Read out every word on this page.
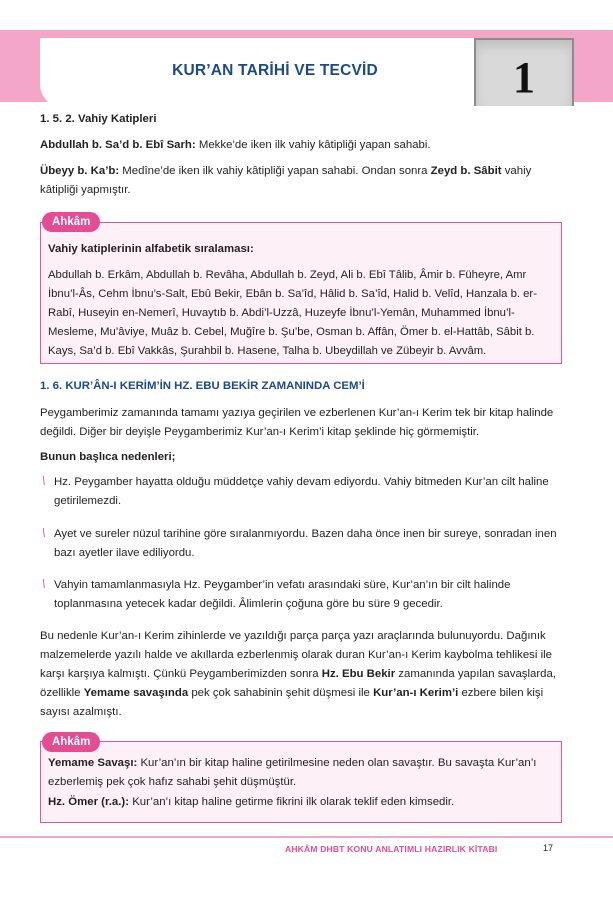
KUR’AN TARİHİ VE TECVİD	1
1. 5. 2. Vahiy Katipleri

Abdullah b. Sa’d b. Ebî Sarh: Mekke’de iken ilk vahiy kâtipliği yapan sahabi.

Übeyy b. Ka’b: Medîne’de iken ilk vahiy kâtipliği yapan sahabi. Ondan sonra Zeyd b. Sâbit vahiy kâtipliği yapmıştır.

Ahkâm
Vahiy katiplerinin alfabetik sıralaması:

Abdullah b. Erkâm, Abdullah b. Revâha, Abdullah b. Zeyd, Ali b. Ebî Tâlib, Âmir b. Füheyre, Amr İbnu’l-Âs, Cehm İbnu’s-Salt, Ebû Bekir, Ebân b. Sa’îd, Hâlid b. Sa’îd, Halid b. Velîd, Hanzala b. er- Rabî, Huseyin en-Nemerî, Huvaytıb b. Abdi’l-Uzzâ, Huzeyfe İbnu’l-Yemân, Muhammed İbnu’l-Mesleme, Mu’âviye, Muâz b. Cebel, Muğîre b. Şu’be, Osman b. Affân, Ömer b. el-Hattâb, Sâbit b. Kays, Sa’d b. Ebî Vakkâs, Şurahbil b. Hasene, Talha b. Ubeydillah ve Zübeyir b. Avvâm.

1. 6. KUR’ÂN-I KERİM’İN HZ. EBU BEKİR ZAMANINDA CEM’İ

Peygamberimiz zamanında tamamı yazıya geçirilen ve ezberlenen Kur’an-ı Kerim tek bir kitap halinde değildi. Diğer bir deyişle Peygamberimiz Kur’an-ı Kerim’i kitap şeklinde hiç görmemiştir.

Bunun başlıca nedenleri;
\ Hz. Peygamber hayatta olduğu müddetçe vahiy devam ediyordu. Vahiy bitmeden Kur’an cilt haline getirilemezdi.

\ Ayet ve sureler nüzul tarihine göre sıralanmıyordu. Bazen daha önce inen bir sureye, sonradan inen bazı ayetler ilave ediliyordu.

\ Vahyin tamamlanmasıyla Hz. Peygamber’in vefatı arasındaki süre, Kur’an’ın bir cilt halinde toplanmasına yetecek kadar değildi. Âlimlerin çoğuna göre bu süre 9 gecedir.

Bu nedenle Kur’an-ı Kerim zihinlerde ve yazıldığı parça parça yazı araçlarında bulunuyordu. Dağınık malzemelerde yazılı halde ve akıllarda ezberlenmiş olarak duran Kur’an-ı Kerim kaybolma tehlikesi ile karşı karşıya kalmıştı. Çünkü Peygamberimizden sonra Hz. Ebu Bekir zamanında yapılan savaşlarda, özellikle Yemame savaşında pek çok sahabinin şehit düşmesi ile Kur’an-ı Kerim’i ezbere bilen kişi sayısı azalmıştı.

Ahkâm

Yemame Savaşı: Kur’an’ın bir kitap haline getirilmesine neden olan savaştır. Bu savaşta Kur’an’ı ezberlemiş pek çok hafız sahabi şehit düşmüştür.

Hz. Ömer (r.a.): Kur’an’ı kitap haline getirme fikrini ilk olarak teklif eden kimsedir.

AHKÂM DHBT KONU ANLATIMLI HAZIRLIK KİTABI	17
